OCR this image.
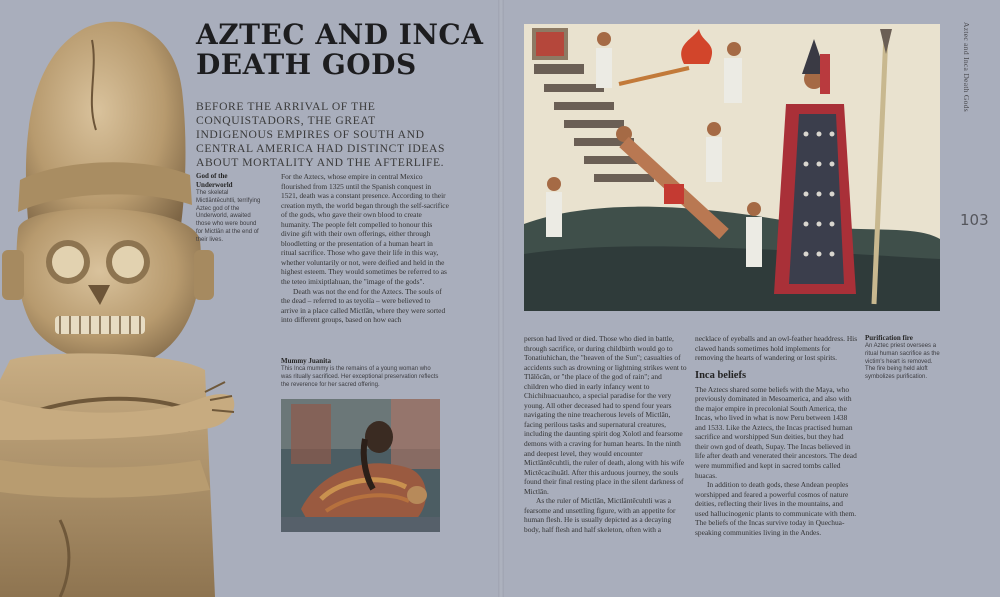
AZTEC AND INCA DEATH GODS

BEFORE THE ARRIVAL OF THE CONQUISTADORS, THE GREAT INDIGENOUS EMPIRES OF SOUTH AND CENTRAL AMERICA HAD DISTINCT IDEAS ABOUT MORTALITY AND THE AFTERLIFE.

God of the Underworld
The skeletal Mictlāntēcuhtli, terrifying Aztec god of the Underworld, awaited those who were bound for Mictlān at the end of their lives.

For the Aztecs, whose empire in central Mexico flourished from 1325 until the Spanish conquest in 1521, death was a constant presence. According to their creation myth, the world began through the self-sacrifice of the gods, who gave their own blood to create humanity. The people felt compelled to honour this divine gift with their own offerings, either through bloodletting or the presentation of a human heart in ritual sacrifice. Those who gave their life in this way, whether voluntarily or not, were deified and held in the highest esteem. They would sometimes be referred to as the teteo imixiptlahuan, the "image of the gods".

Death was not the end for the Aztecs. The souls of the dead – referred to as teyolía – were believed to arrive in a place called Mictlān, where they were sorted into different groups, based on how each

Mummy Juanita
This Inca mummy is the remains of a young woman who was ritually sacrificed. Her exceptional preservation reflects the reverence for her sacred offering.

person had lived or died. Those who died in battle, through sacrifice, or during childbirth would go to Tonatiuhichan, the "heaven of the Sun"; casualties of accidents such as drowning or lightning strikes went to Tlālōcān, or "the place of the god of rain"; and children who died in early infancy went to Chichihuacuauhco, a special paradise for the very young. All other deceased had to spend four years navigating the nine treacherous levels of Mictlān, facing perilous tasks and supernatural creatures, including the daunting spirit dog Xolotl and fearsome demons with a craving for human hearts. In the ninth and deepest level, they would encounter Mictlāntēcuhtli, the ruler of death, along with his wife Mictēcacihuātl. After this arduous journey, the souls found their final resting place in the silent darkness of Mictlān.

As the ruler of Mictlān, Mictlāntēcuhtli was a fearsome and unsettling figure, with an appetite for human flesh. He is usually depicted as a decaying body, half flesh and half skeleton, often with a

necklace of eyeballs and an owl-feather headdress. His clawed hands sometimes hold implements for removing the hearts of wandering or lost spirits.

Inca beliefs

The Aztecs shared some beliefs with the Maya, who previously dominated in Mesoamerica, and also with the major empire in precolonial South America, the Incas, who lived in what is now Peru between 1438 and 1533. Like the Aztecs, the Incas practised human sacrifice and worshipped Sun deities, but they had their own god of death, Supay. The Incas believed in life after death and venerated their ancestors. The dead were mummified and kept in sacred tombs called huacas.

In addition to death gods, these Andean peoples worshipped and feared a powerful cosmos of nature deities, reflecting their lives in the mountains, and used hallucinogenic plants to communicate with them. The beliefs of the Incas survive today in Quechua-speaking communities living in the Andes.

Purification fire
An Aztec priest oversees a ritual human sacrifice as the victim's heart is removed. The fire being held aloft symbolizes purification.
Aztec and Inca Death Gods
103
